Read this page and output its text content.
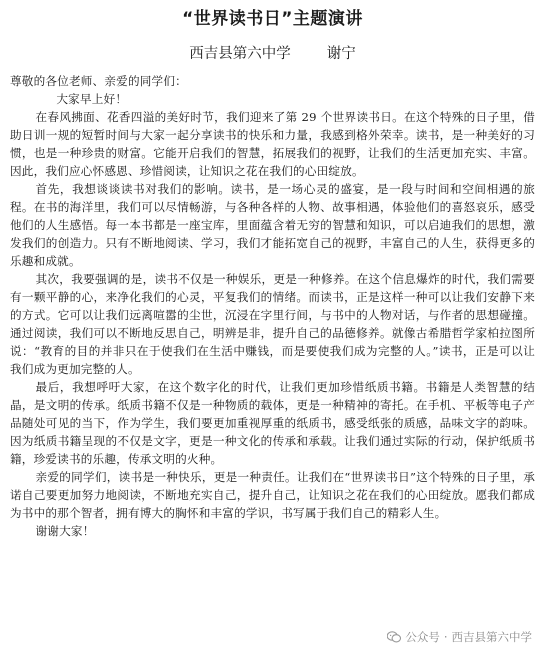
“世界读书日”主题演讲
西吉县第六中学 谢宁

尊敬的各位老师、亲爱的同学们：

大家早上好！

在春风拂面、花香四溢的美好时节，我们迎来了第 29 个世界读书日。在这个特殊的日子里，借助日训一规的短暂时间与大家一起分享读书的快乐和力量，我感到格外荣幸。读书，是一种美好的习惯，也是一种珍贵的财富。它能开启我们的智慧，拓展我们的视野，让我们的生活更加充实、丰富。因此，我们应心怀感恩、珍惜阅读，让知识之花在我们的心田绽放。

首先，我想谈谈读书对我们的影响。读书，是一场心灵的盛宴，是一段与时间和空间相遇的旅程。在书的海洋里，我们可以尽情畅游，与各种各样的人物、故事相遇，体验他们的喜怒哀乐，感受他们的人生感悟。每一本书都是一座宝库，里面蕴含着无穷的智慧和知识，可以启迪我们的思想，激发我们的创造力。只有不断地阅读、学习，我们才能拓宽自己的视野，丰富自己的人生，获得更多的乐趣和成就。

其次，我要强调的是，读书不仅是一种娱乐，更是一种修养。在这个信息爆炸的时代，我们需要有一颗平静的心，来净化我们的心灵，平复我们的情绪。而读书，正是这样一种可以让我们安静下来的方式。它可以让我们远离喧嚣的尘世，沉浸在字里行间，与书中的人物对话，与作者的思想碰撞。通过阅读，我们可以不断地反思自己，明辨是非，提升自己的品德修养。就像古希腊哲学家柏拉图所说：“教育的目的并非只在于使我们在生活中赚钱，而是要使我们成为完整的人。”读书，正是可以让我们成为更加完整的人。

最后，我想呼吁大家，在这个数字化的时代，让我们更加珍惜纸质书籍。书籍是人类智慧的结晶，是文明的传承。纸质书籍不仅是一种物质的载体，更是一种精神的寄托。在手机、平板等电子产品随处可见的当下，作为学生，我们要更加重视厚重的纸质书，感受纸张的质感，品味文字的韵味。因为纸质书籍呈现的不仅是文字，更是一种文化的传承和承载。让我们通过实际的行动，保护纸质书籍，珍爱读书的乐趣，传承文明的火种。

亲爱的同学们，读书是一种快乐，更是一种责任。让我们在“世界读书日”这个特殊的日子里，承诺自己要更加努力地阅读，不断地充实自己，提升自己，让知识之花在我们的心田绽放。愿我们都成为书中的那个智者，拥有博大的胸怀和丰富的学识，书写属于我们自己的精彩人生。

谢谢大家！

公众号 · 西吉县第六中学
